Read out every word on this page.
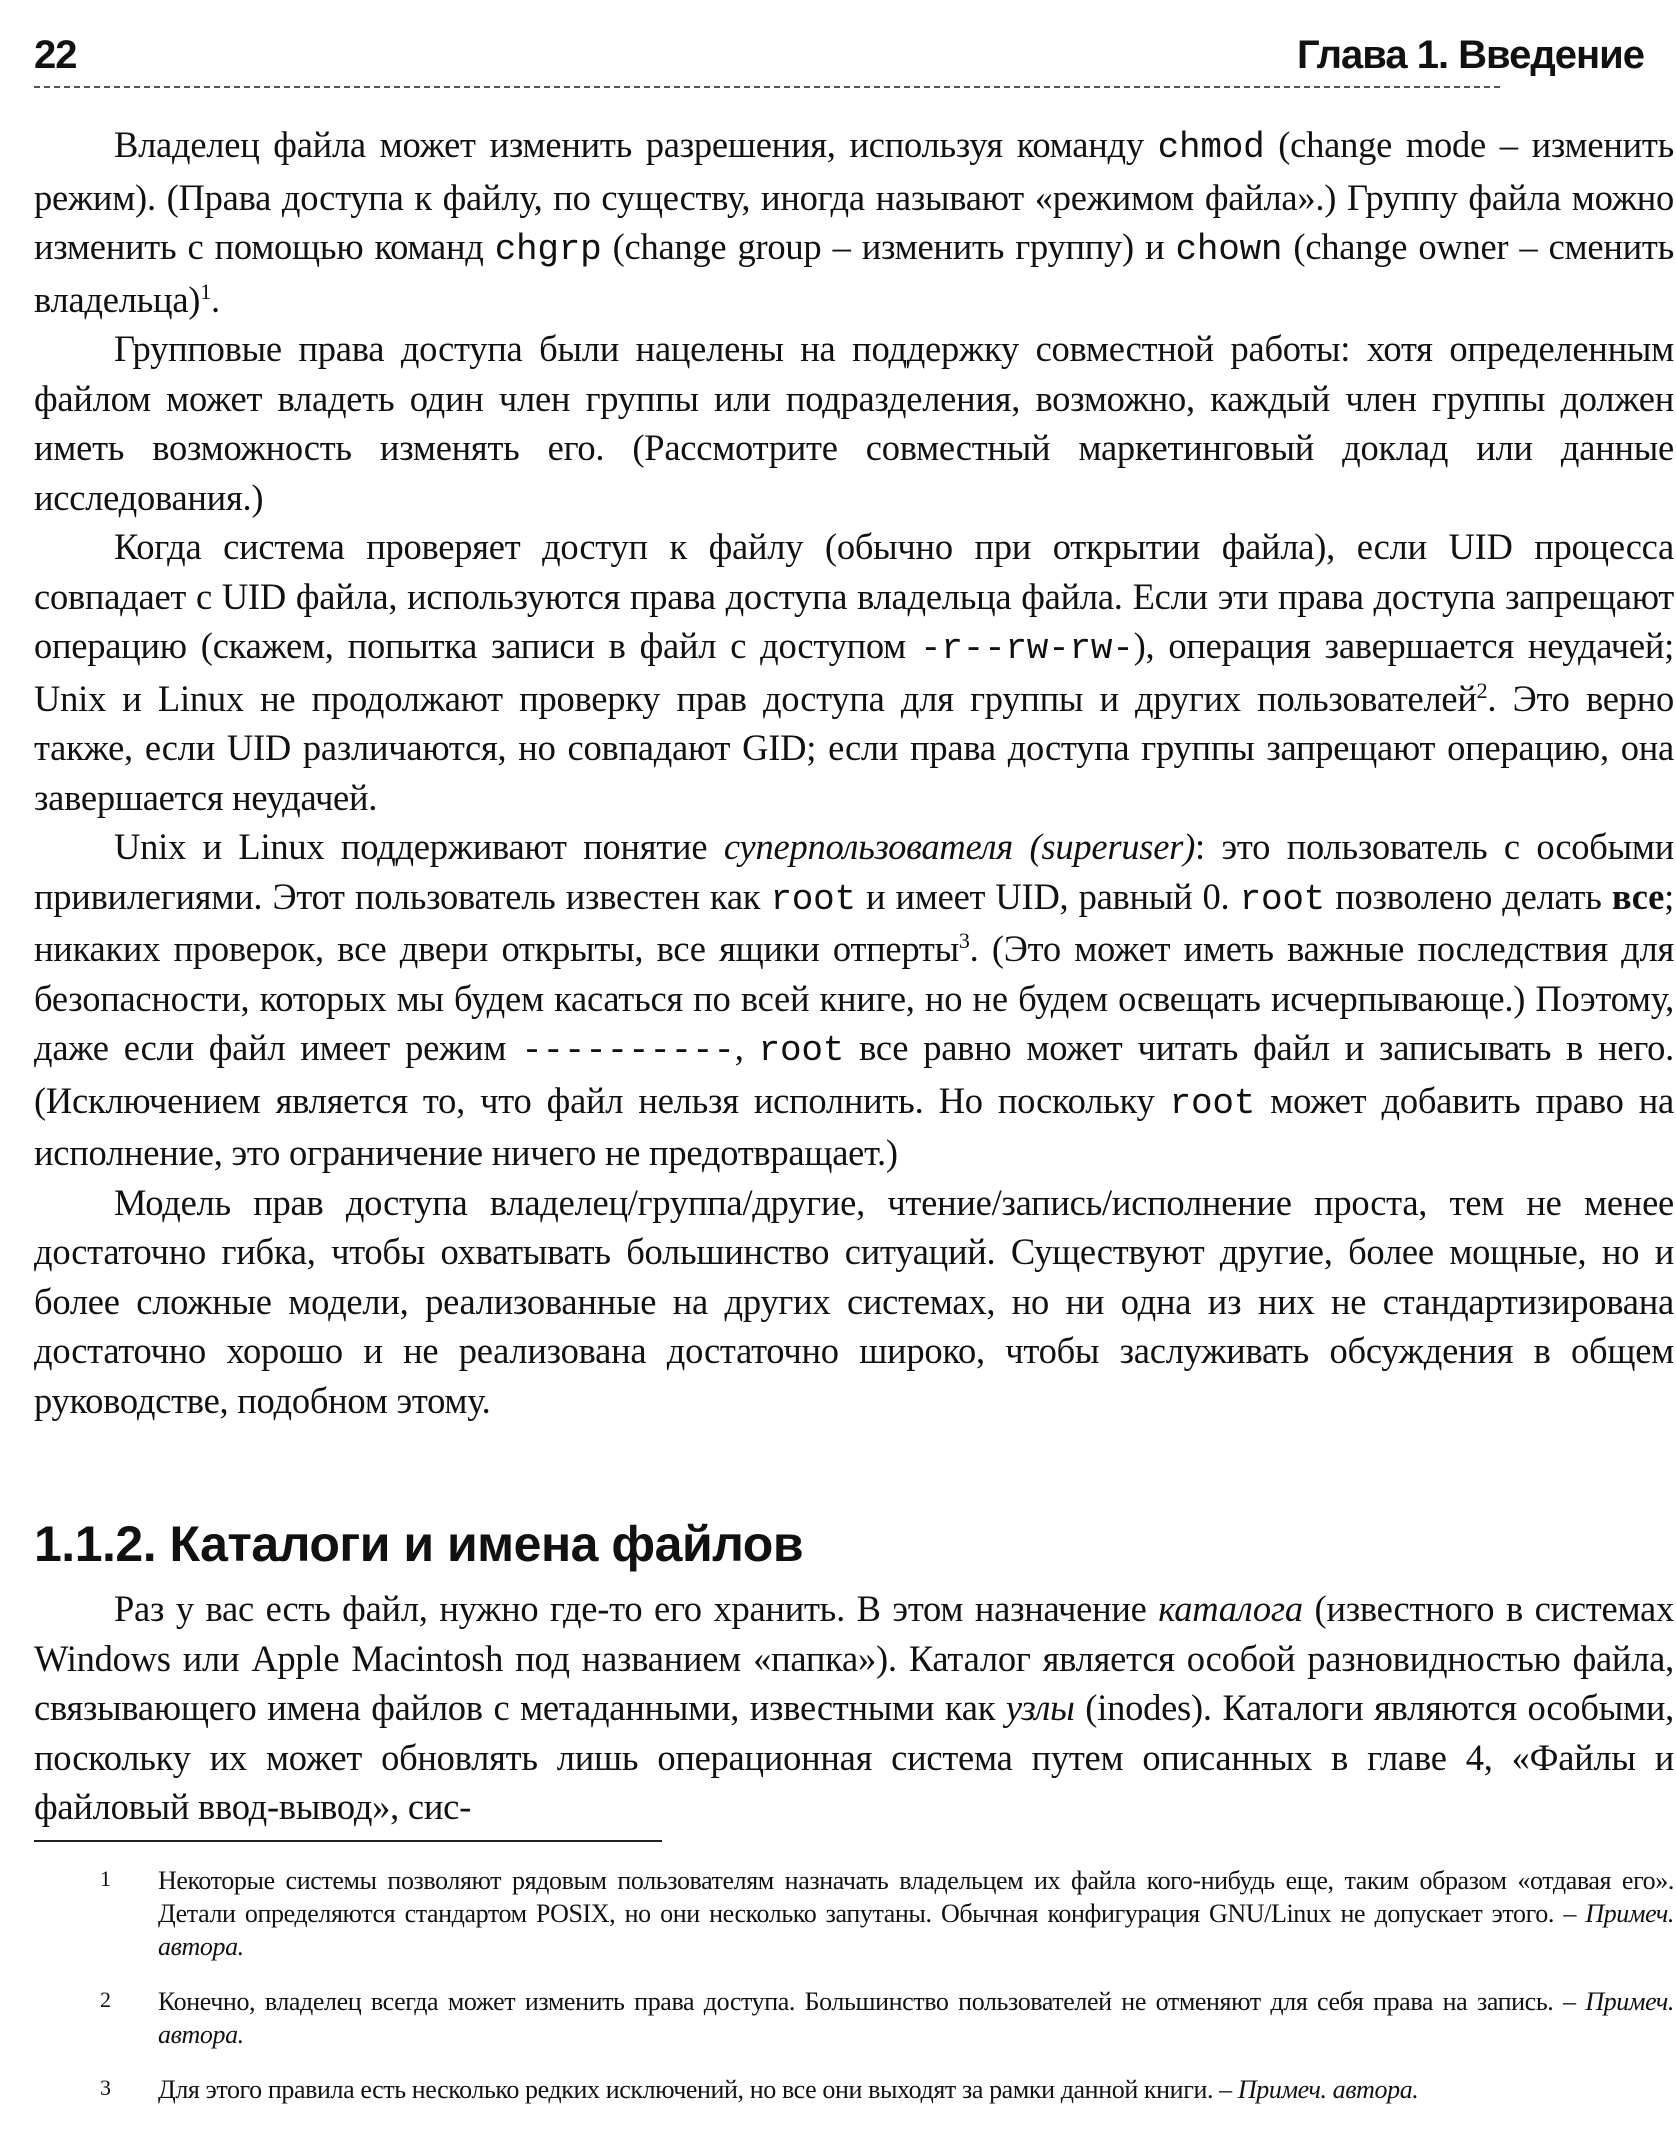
22	Глава 1. Введение

Владелец файла может изменить разрешения, используя команду chmod (change mode – изменить режим). (Права доступа к файлу, по существу, иногда называют «режимом файла».) Группу файла можно изменить с помощью команд chgrp (change group – изменить группу) и chown (change owner – сменить владельца)$^1$.

Групповые права доступа были нацелены на поддержку совместной работы: хотя определенным файлом может владеть один член группы или подразделения, возможно, каждый член группы должен иметь возможность изменять его. (Рассмотрите совместный маркетинговый доклад или данные исследования.)

Когда система проверяет доступ к файлу (обычно при открытии файла), если UID процесса совпадает с UID файла, используются права доступа владельца файла. Если эти права доступа запрещают операцию (скажем, попытка записи в файл с доступом -r--rw-rw-), операция завершается неудачей; Unix и Linux не продолжают проверку прав доступа для группы и других пользователей$^2$. Это верно также, если UID различаются, но совпадают GID; если права доступа группы запрещают операцию, она завершается неудачей.

Unix и Linux поддерживают понятие суперпользователя (superuser): это пользователь с особыми привилегиями. Этот пользователь известен как root и имеет UID, равный 0. root позволено делать все; никаких проверок, все двери открыты, все ящики отперты$^3$. (Это может иметь важные последствия для безопасности, которых мы будем касаться по всей книге, но не будем освещать исчерпывающе.) Поэтому, даже если файл имеет режим ----------, root все равно может читать файл и записывать в него. (Исключением является то, что файл нельзя исполнить. Но поскольку root может добавить право на исполнение, это ограничение ничего не предотвращает.)

Модель прав доступа владелец/группа/другие, чтение/запись/исполнение проста, тем не менее достаточно гибка, чтобы охватывать большинство ситуаций. Существуют другие, более мощные, но и более сложные модели, реализованные на других системах, но ни одна из них не стандартизирована достаточно хорошо и не реализована достаточно широко, чтобы заслуживать обсуждения в общем руководстве, подобном этому.

1.1.2. Каталоги и имена файлов

Раз у вас есть файл, нужно где-то его хранить. В этом назначение каталога (известного в системах Windows или Apple Macintosh под названием «папка»). Каталог является особой разновидностью файла, связывающего имена файлов с метаданными, известными как узлы (inodes). Каталоги являются особыми, поскольку их может обновлять лишь операционная система путем описанных в главе 4, «Файлы и файловый ввод-вывод», сис-

1	Некоторые системы позволяют рядовым пользователям назначать владельцем их файла кого-нибудь еще, таким образом «отдавая его». Детали определяются стандартом POSIX, но они несколько запутаны. Обычная конфигурация GNU/Linux не допускает этого. – Примеч. автора.
2	Конечно, владелец всегда может изменить права доступа. Большинство пользователей не отменяют для себя права на запись. – Примеч. автора.
3	Для этого правила есть несколько редких исключений, но все они выходят за рамки данной книги. – Примеч. автора.
